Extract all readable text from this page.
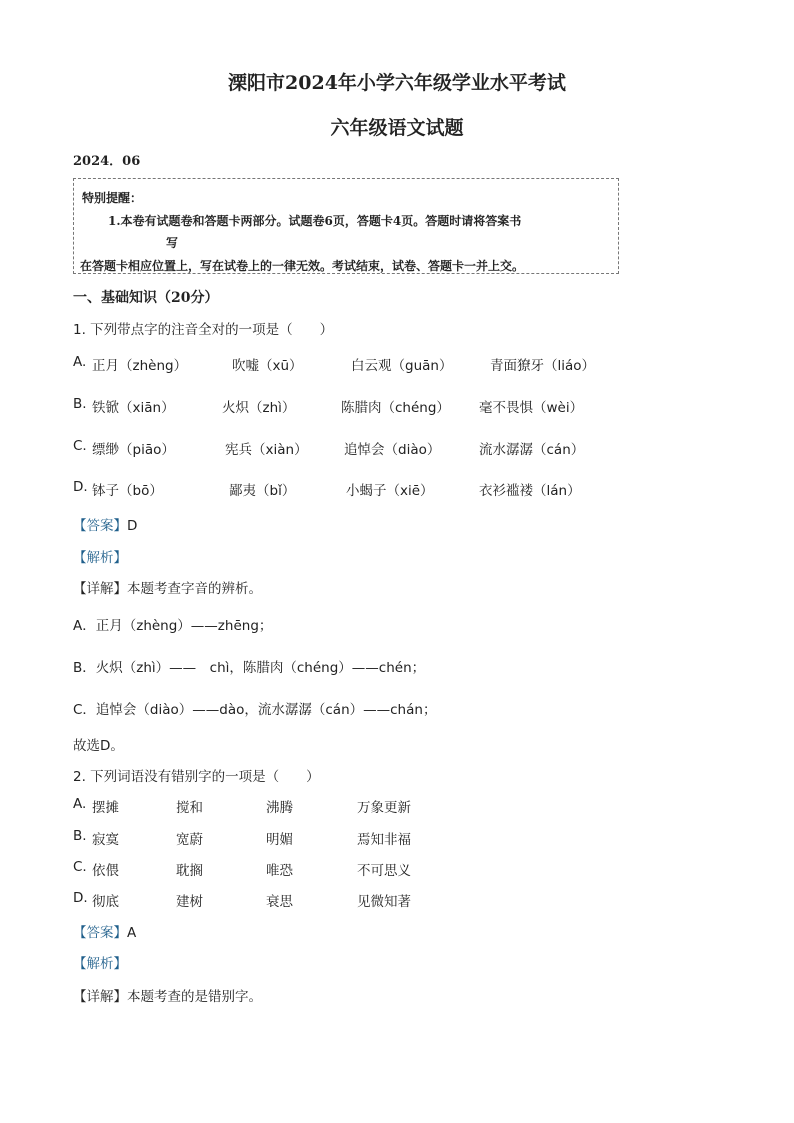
溧阳市2024年小学六年级学业水平考试
六年级语文试题
2024．06
特别提醒：
1.本卷有试题卷和答题卡两部分。试题卷6页，答题卡4页。答题时请将答案书
写
在答题卡相应位置上，写在试卷上的一律无效。考试结束，试卷、答题卡一并上交。
一、基础知识（20分）
1. 下列带点字的注音全对的一项是（　　）
A. 正月（zhèng）	吹嘘（xū）	白云观（guān）	青面獠牙（liáo）
B. 铁锨（xiān）	火炽（zhì）	陈腊肉（chéng） 毫不畏惧（wèi）
C. 缥缈（piāo）	宪兵（xiàn）	追悼会（diào）	流水潺潺（cán）
D. 钵子（bō）	鄙夷（bǐ）	小蝎子（xiē）	衣衫褴褛（lán）
【答案】D
【解析】
【详解】本题考查字音的辨析。
A．正月（zhèng）——zhēng；
B．火炽（zhì）——　chì，陈腊肉（chéng）——chén；
C．追悼会（diào）——dào，流水潺潺（cán）——chán；
故选D。
2. 下列词语没有错别字的一项是（　　）
A. 摆摊	搅和	沸腾	万象更新
B. 寂寞	宽蔚	明媚	焉知非福
C. 依偎	耽搁	唯恐	不可思义
D. 彻底	建树	衰思	见微知著
【答案】A
【解析】
【详解】本题考查的是错别字。
